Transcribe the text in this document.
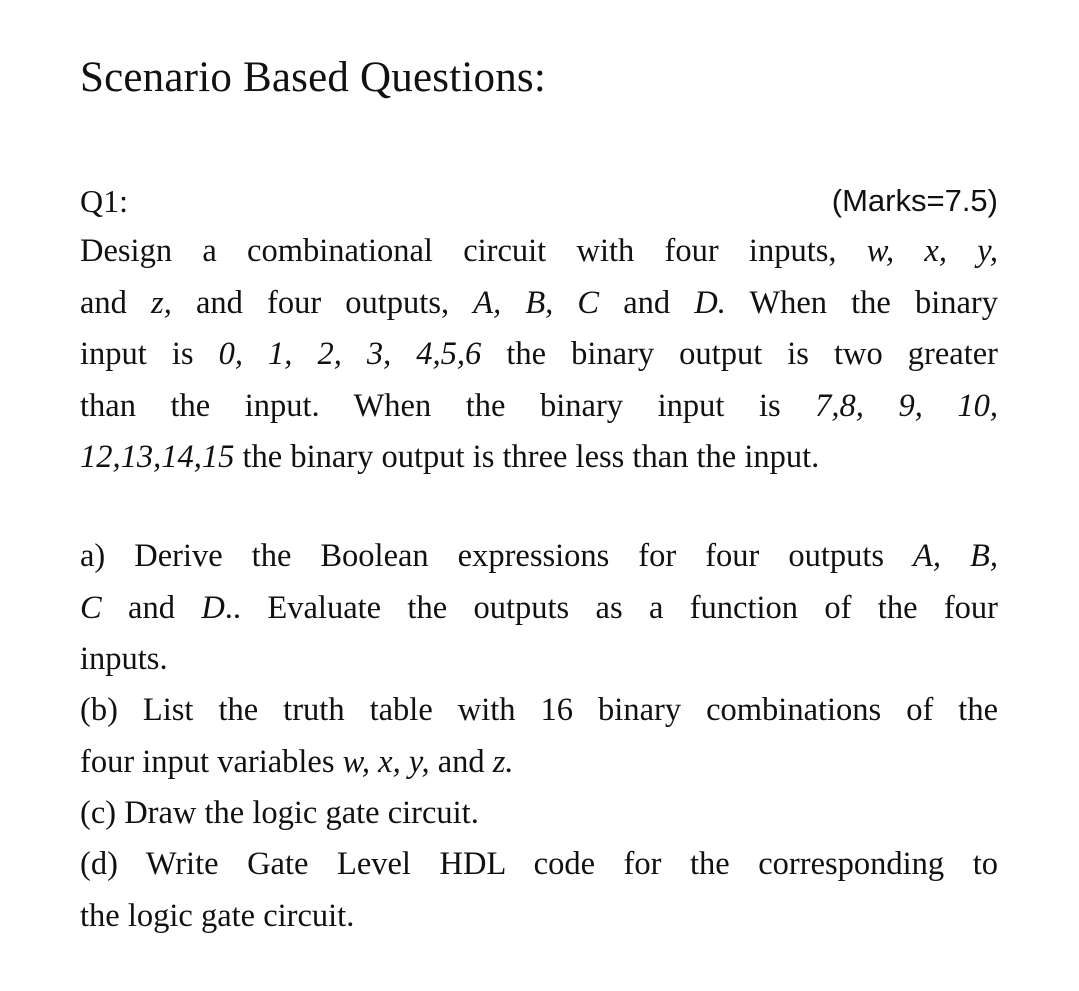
Scenario Based Questions:
Q1:	(Marks=7.5)
Design a combinational circuit with four inputs, w, x, y,
and z, and four outputs, A, B, C and D. When the binary
input is 0, 1, 2, 3, 4,5,6 the binary output is two greater
than the input. When the binary input is 7,8, 9, 10,
12,13,14,15 the binary output is three less than the input.
a) Derive the Boolean expressions for four outputs A, B,
C and D.. Evaluate the outputs as a function of the four
inputs.
(b) List the truth table with 16 binary combinations of the
four input variables w, x, y, and z.
(c) Draw the logic gate circuit.
(d) Write Gate Level HDL code for the corresponding to
the logic gate circuit.
